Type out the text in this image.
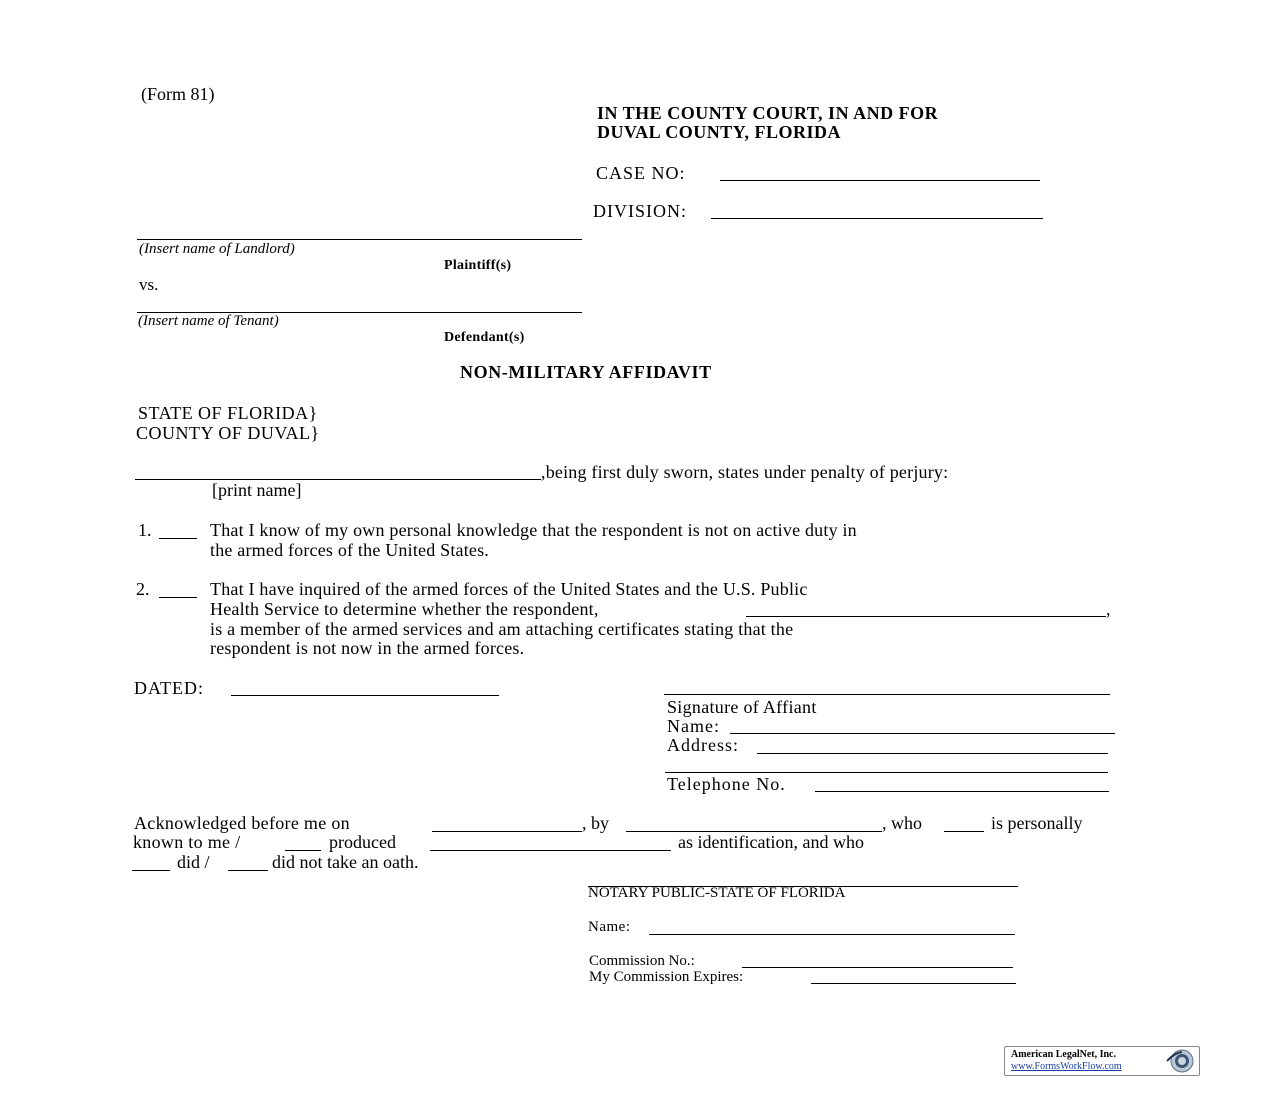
(Form 81)
IN THE COUNTY COURT, IN AND FOR
DUVAL COUNTY, FLORIDA
CASE NO:
DIVISION:
(Insert name of Landlord)
Plaintiff(s)
vs.
(Insert name of Tenant)
Defendant(s)
NON-MILITARY AFFIDAVIT
STATE OF FLORIDA}
COUNTY OF DUVAL}
,being first duly sworn, states under penalty of perjury:
[print name]
1.	That I know of my own personal knowledge that the respondent is not on active duty in
the armed forces of the United States.
2.	That I have inquired of the armed forces of the United States and the U.S. Public
Health Service to determine whether the respondent,	,
is a member of the armed services and am attaching certificates stating that the
respondent is not now in the armed forces.
DATED:
Signature of Affiant
Name:
Address:
Telephone No.
Acknowledged before me on	, by	, who	is personally
known to me /	produced	as identification, and who
did /	did not take an oath.
NOTARY PUBLIC-STATE OF FLORIDA
Name:
Commission No.:
My Commission Expires:
American LegalNet, Inc.
www.FormsWorkFlow.com
